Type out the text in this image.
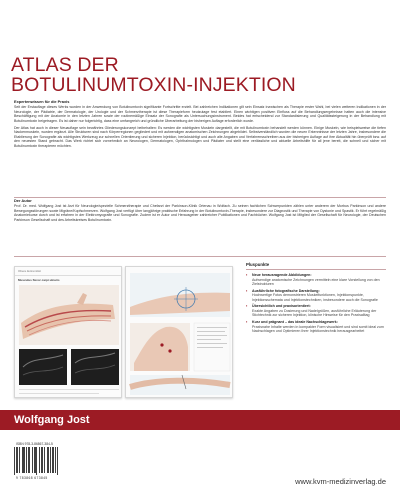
ATLAS DER
BOTULINUMTOXIN-INJEKTION
Expertenwissen für die Praxis

Seit der Erstauflage dieses Werks wurden in der Anwendung von Botulinumtoxin signifikante Fortschritte erzielt. Bei zahlreichen Indikationen gilt sein Einsatz inzwischen als Therapie erster Wahl, bei vielen weiteren Indikationen in der Neurologie, der Pädiatrie, der Dermatologie, der Urologie und der Schmerztherapie ist diese Therapieform heutzutage fest etabliert. Einen wichtigen positiven Einfluss auf die Behandlungsergebnisse hatten auch die intensive Beschäftigung mit der Anatomie in den letzten Jahren sowie der routinemäßige Einsatz der Sonografie als Untersuchungsinstrument. Beides hat entscheidend zur Standardisierung und Qualitätssteigerung in der Behandlung mit Botulinumtoxin beigetragen. Es ist daher nur folgerichtig, dass eine umfangreich und gründliche Überarbeitung der bisherigen Auflage erforderlich wurde.

Der Atlas hat auch in dieser Neuauflage sein bewährtes Gliederungskonzept beibehalten: Es werden die wichtigsten Muskeln dargestellt, die mit Botulinumtoxin behandelt werden können. Einige Muskeln, wie beispielsweise die tiefen Nackenmuskeln, wurden ergänzt. Alle Strukturen sind nach Körperregionen gegliedert und mit aufwendigen anatomischen Zeichnungen abgebildet. Selbstverständlich wurden die neuen Erkenntnisse der letzten Jahre, insbesondere die Etablierung der Sonografie als wichtigstes Werkzeug zur schnellen Orientierung und sicheren Injektion, berücksichtigt und auch alle Angaben und Verfahrensschreiben aus der bisherigen Auflage auf ihre Aktualität hin überprüft bzw. auf den neuesten Stand gebracht. Das Werk richtet sich vornehmlich an Neurologen, Dermatologen, Ophthalmologen und Pädiater und stellt eine verlässliche und aktuelle Arbeitshilfe für all jene bereit, die schnell und sicher mit Botulinumtoxin therapieren möchten.

Der Autor

Prof. Dr. med. Wolfgang Jost ist Arzt für Neurologie/spezielle Schmerztherapie und Chefarzt der Parkinson-Klinik Ortenau in Wolfach. Zu seinen fachlichen Schwerpunkten zählen unter anderem der Morbus Parkinson und andere Bewegungsstörungen sowie Migräne/Kopfschmerzen. Wolfgang Jost verfügt über langjährige praktische Erfahrung in der Botulinumtoxin-Therapie, insbesondere zur Diagnostik und Therapie von Dystonie und Spastik. Er führt regelmäßig Anatomiekurse durch und ist erfahren in der Elektromyografie und Sonografie. Zudem ist er Autor und Herausgeber zahlreicher Publikationen und Fachbücher. Wolfgang Jost ist Mitglied der Gesellschaft für Neurologie, der Deutschen Parkinson Gesellschaft und des Arbeitskreises Botulinumtoxin.

Obere Extremität
Musculus flexor carpi ulnaris
Pluspunkte
▪ Neue herausragende Abbildungen:
Aufwendige anatomische Zeichnungen vermitteln eine klare Vorstellung von den Zielstrukturen
▪ Ausführliche fotografische Darstellung:
Hochwertige Fotos demonstrieren Muskelfunktionen, Injektionspunkte, Injektionsschemata und Injektionstechniken, insbesondere auch die Sonografie
▪ Übersichtlich und praxisorientiert:
Exakte Angaben zu Dosierung und Nadelgrößen, ausführliche Erläuterung der Stichtechnik zur sicheren Injektion, klinische Hinweise für den Praxisalltag
▪ Kurz und prägnant – das ideale Nachschlagewerk:
Praxisnahe Inhalte werden in kompakter Form visualisiert und sind somit ideal zum Nachschlagen und Optimieren Ihrer Injektionstechnik herausgearbeitet
Wolfgang Jost
ISBN 978-3-86867-384-5
9 783868 673845	www.kvm-medizinverlag.de
